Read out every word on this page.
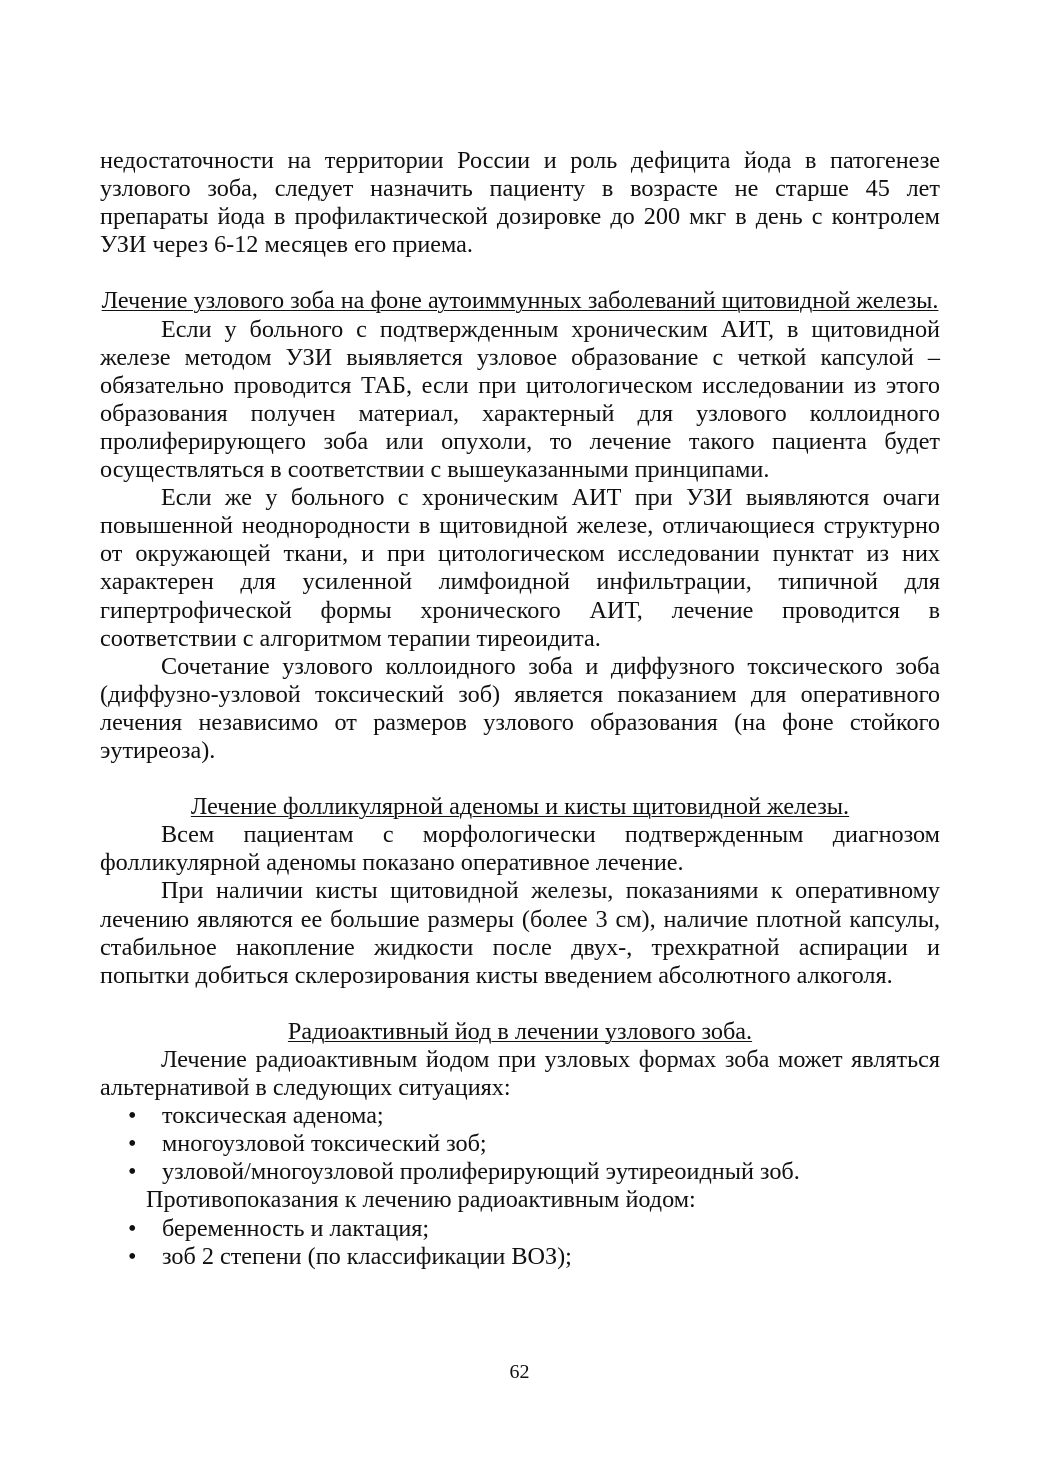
недостаточности на территории России и роль дефицита йода в патогенезе узлового зоба, следует назначить пациенту в возрасте не старше 45 лет препараты йода в профилактической дозировке до 200 мкг в день с контролем УЗИ через 6-12 месяцев его приема.

Лечение узлового зоба на фоне аутоиммунных заболеваний щитовидной железы.

Если у больного с подтвержденным хроническим АИТ, в щитовидной железе методом УЗИ выявляется узловое образование с четкой капсулой – обязательно проводится ТАБ, если при цитологическом исследовании из этого образования получен материал, характерный для узлового коллоидного пролиферирующего зоба или опухоли, то лечение такого пациента будет осуществляться в соответствии с вышеуказанными принципами.

Если же у больного с хроническим АИТ при УЗИ выявляются очаги повышенной неоднородности в щитовидной железе, отличающиеся структурно от окружающей ткани, и при цитологическом исследовании пунктат из них характерен для усиленной лимфоидной инфильтрации, типичной для гипертрофической формы хронического АИТ, лечение проводится в соответствии с алгоритмом терапии тиреоидита.

Сочетание узлового коллоидного зоба и диффузного токсического зоба (диффузно-узловой токсический зоб) является показанием для оперативного лечения независимо от размеров узлового образования (на фоне стойкого эутиреоза).

Лечение фолликулярной аденомы и кисты щитовидной железы.

Всем пациентам с морфологически подтвержденным диагнозом фолликулярной аденомы показано оперативное лечение.

При наличии кисты щитовидной железы, показаниями к оперативному лечению являются ее большие размеры (более 3 см), наличие плотной капсулы, стабильное накопление жидкости после двух-, трехкратной аспирации и попытки добиться склерозирования кисты введением абсолютного алкоголя.

Радиоактивный йод в лечении узлового зоба.

Лечение радиоактивным йодом при узловых формах зоба может являться альтернативой в следующих ситуациях:

•	токсическая аденома;
•	многоузловой токсический зоб;
•	узловой/многоузловой пролиферирующий эутиреоидный зоб.

Противопоказания к лечению радиоактивным йодом:

•	беременность и лактация;
•	зоб 2 степени (по классификации ВОЗ);
62
